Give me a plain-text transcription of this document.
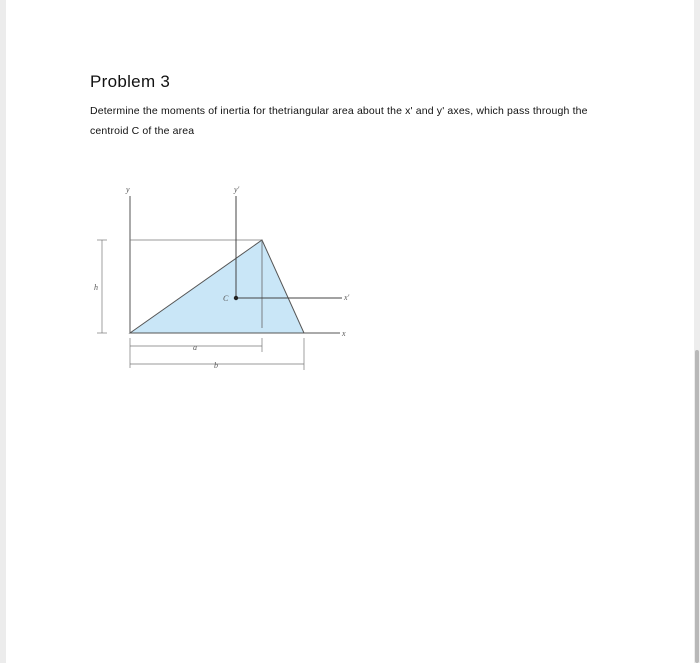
Problem 3
Determine the moments of inertia for thetriangular area about the x' and y' axes, which pass through the centroid C of the area
y	y'
x
x'
h
C
a
b
